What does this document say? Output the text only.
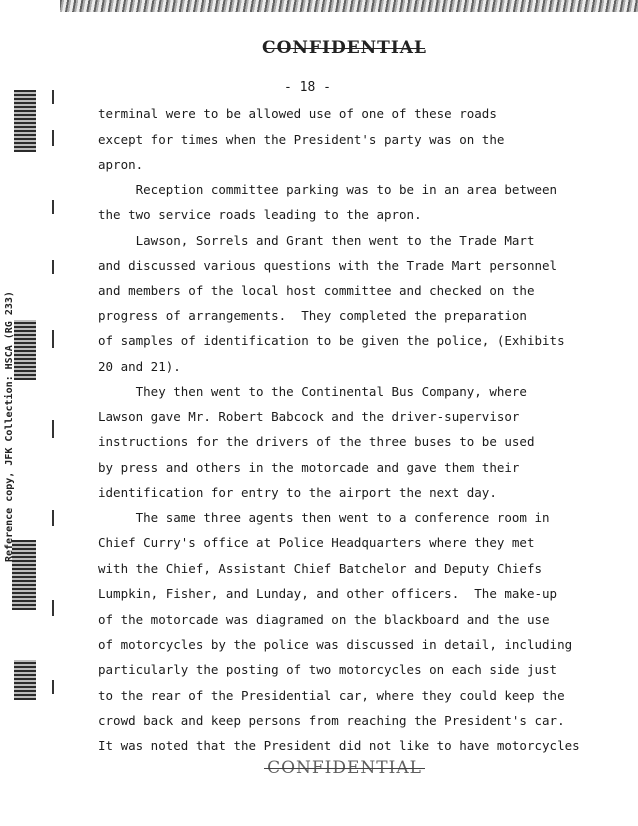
Reference copy, JFK Collection: HSCA (RG 233)
CONFIDENTIAL
- 18 -
terminal were to be allowed use of one of these roads
except for times when the President's party was on the
apron.
Reception committee parking was to be in an area between
the two service roads leading to the apron.
Lawson, Sorrels and Grant then went to the Trade Mart
and discussed various questions with the Trade Mart personnel
and members of the local host committee and checked on the
progress of arrangements.  They completed the preparation
of samples of identification to be given the police, (Exhibits
20 and 21).
They then went to the Continental Bus Company, where
Lawson gave Mr. Robert Babcock and the driver-supervisor
instructions for the drivers of the three buses to be used
by press and others in the motorcade and gave them their
identification for entry to the airport the next day.
The same three agents then went to a conference room in
Chief Curry's office at Police Headquarters where they met
with the Chief, Assistant Chief Batchelor and Deputy Chiefs
Lumpkin, Fisher, and Lunday, and other officers.  The make-up
of the motorcade was diagramed on the blackboard and the use
of motorcycles by the police was discussed in detail, including
particularly the posting of two motorcycles on each side just
to the rear of the Presidential car, where they could keep the
crowd back and keep persons from reaching the President's car.
It was noted that the President did not like to have motorcycles
CONFIDENTIAL
